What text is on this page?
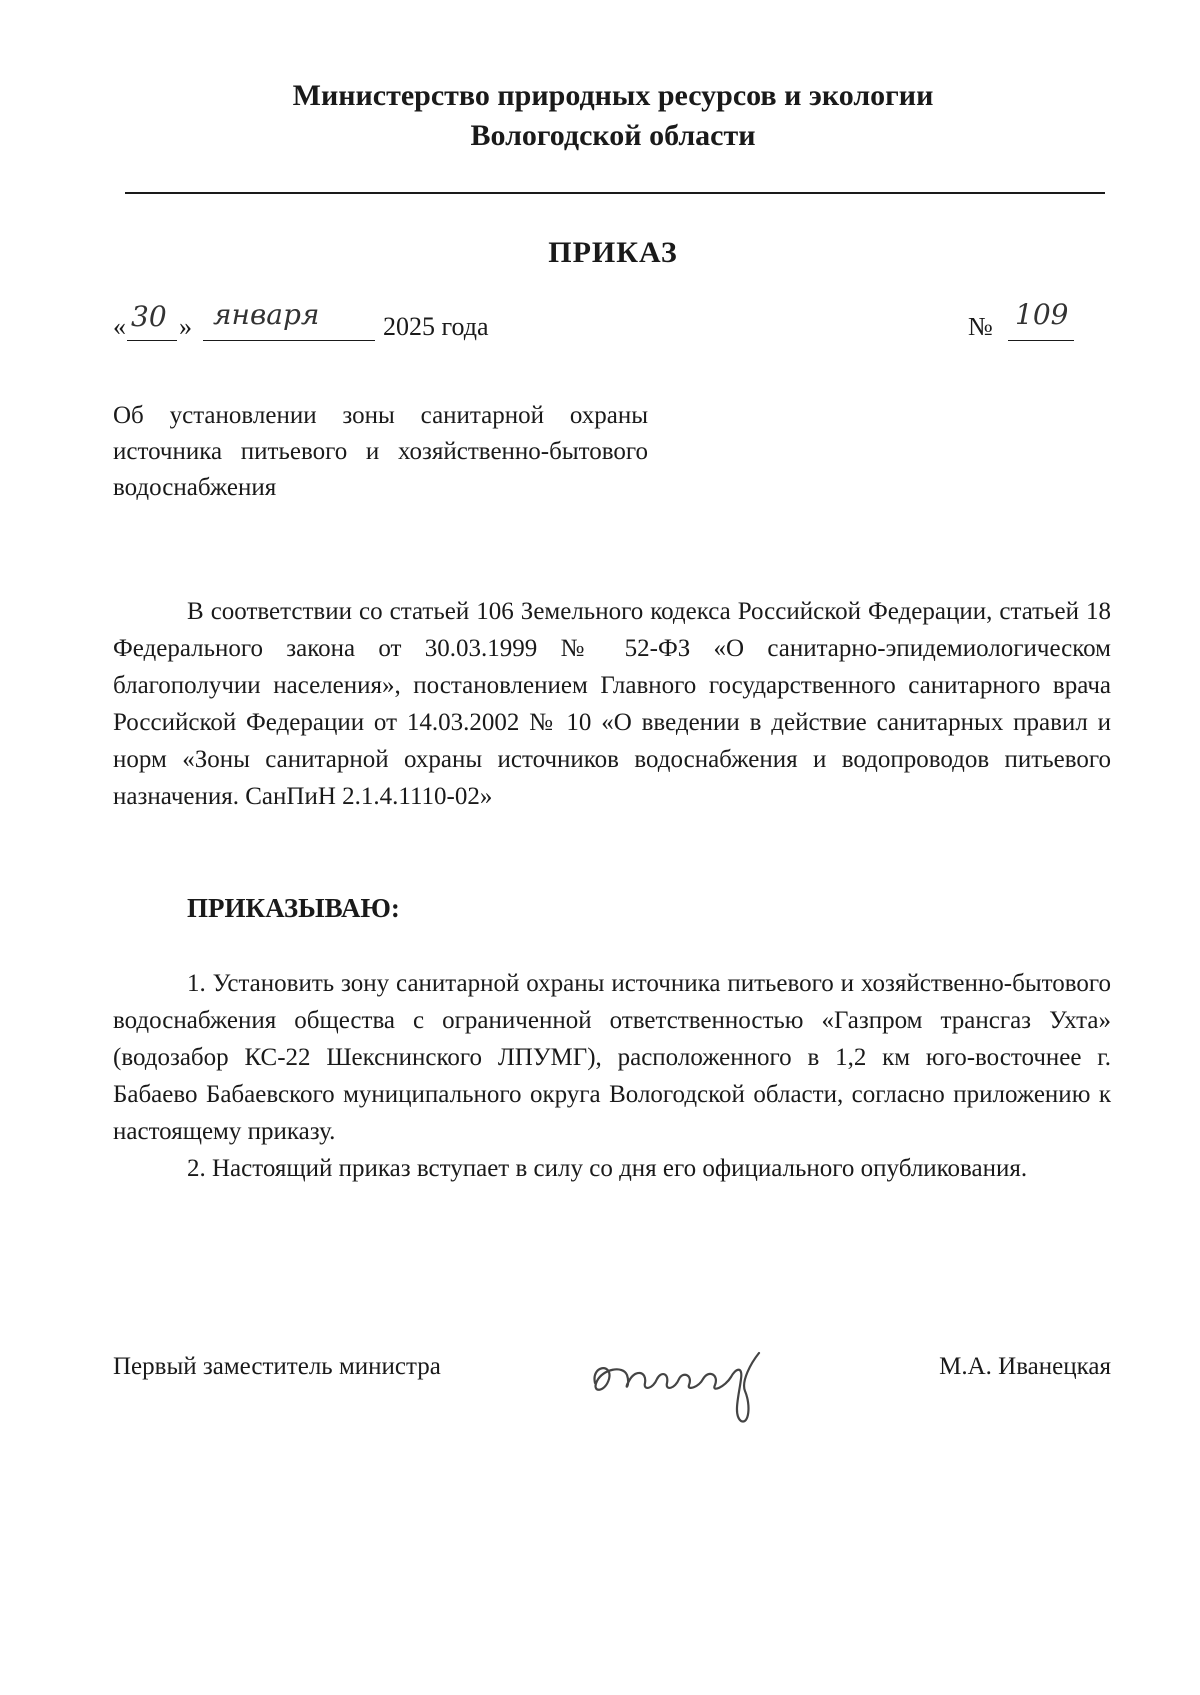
Министерство природных ресурсов и экологии
Вологодской области
ПРИКАЗ
« 30 » января 2025 года	№ 109
Об установлении зоны санитарной охраны источника питьевого и хозяйственно-бытового водоснабжения
В соответствии со статьей 106 Земельного кодекса Российской Федерации, статьей 18 Федерального закона от 30.03.1999 № 52-ФЗ «О санитарно-эпидемиологическом благополучии населения», постановлением Главного государственного санитарного врача Российской Федерации от 14.03.2002 № 10 «О введении в действие санитарных правил и норм «Зоны санитарной охраны источников водоснабжения и водопроводов питьевого назначения. СанПиН 2.1.4.1110-02»
ПРИКАЗЫВАЮ:

1. Установить зону санитарной охраны источника питьевого и хозяйственно-бытового водоснабжения общества с ограниченной ответственностью «Газпром трансгаз Ухта» (водозабор КС-22 Шекснинского ЛПУМГ), расположенного в 1,2 км юго-восточнее г. Бабаево Бабаевского муниципального округа Вологодской области, согласно приложению к настоящему приказу.

2. Настоящий приказ вступает в силу со дня его официального опубликования.

Первый заместитель министра	М.А. Иванецкая
